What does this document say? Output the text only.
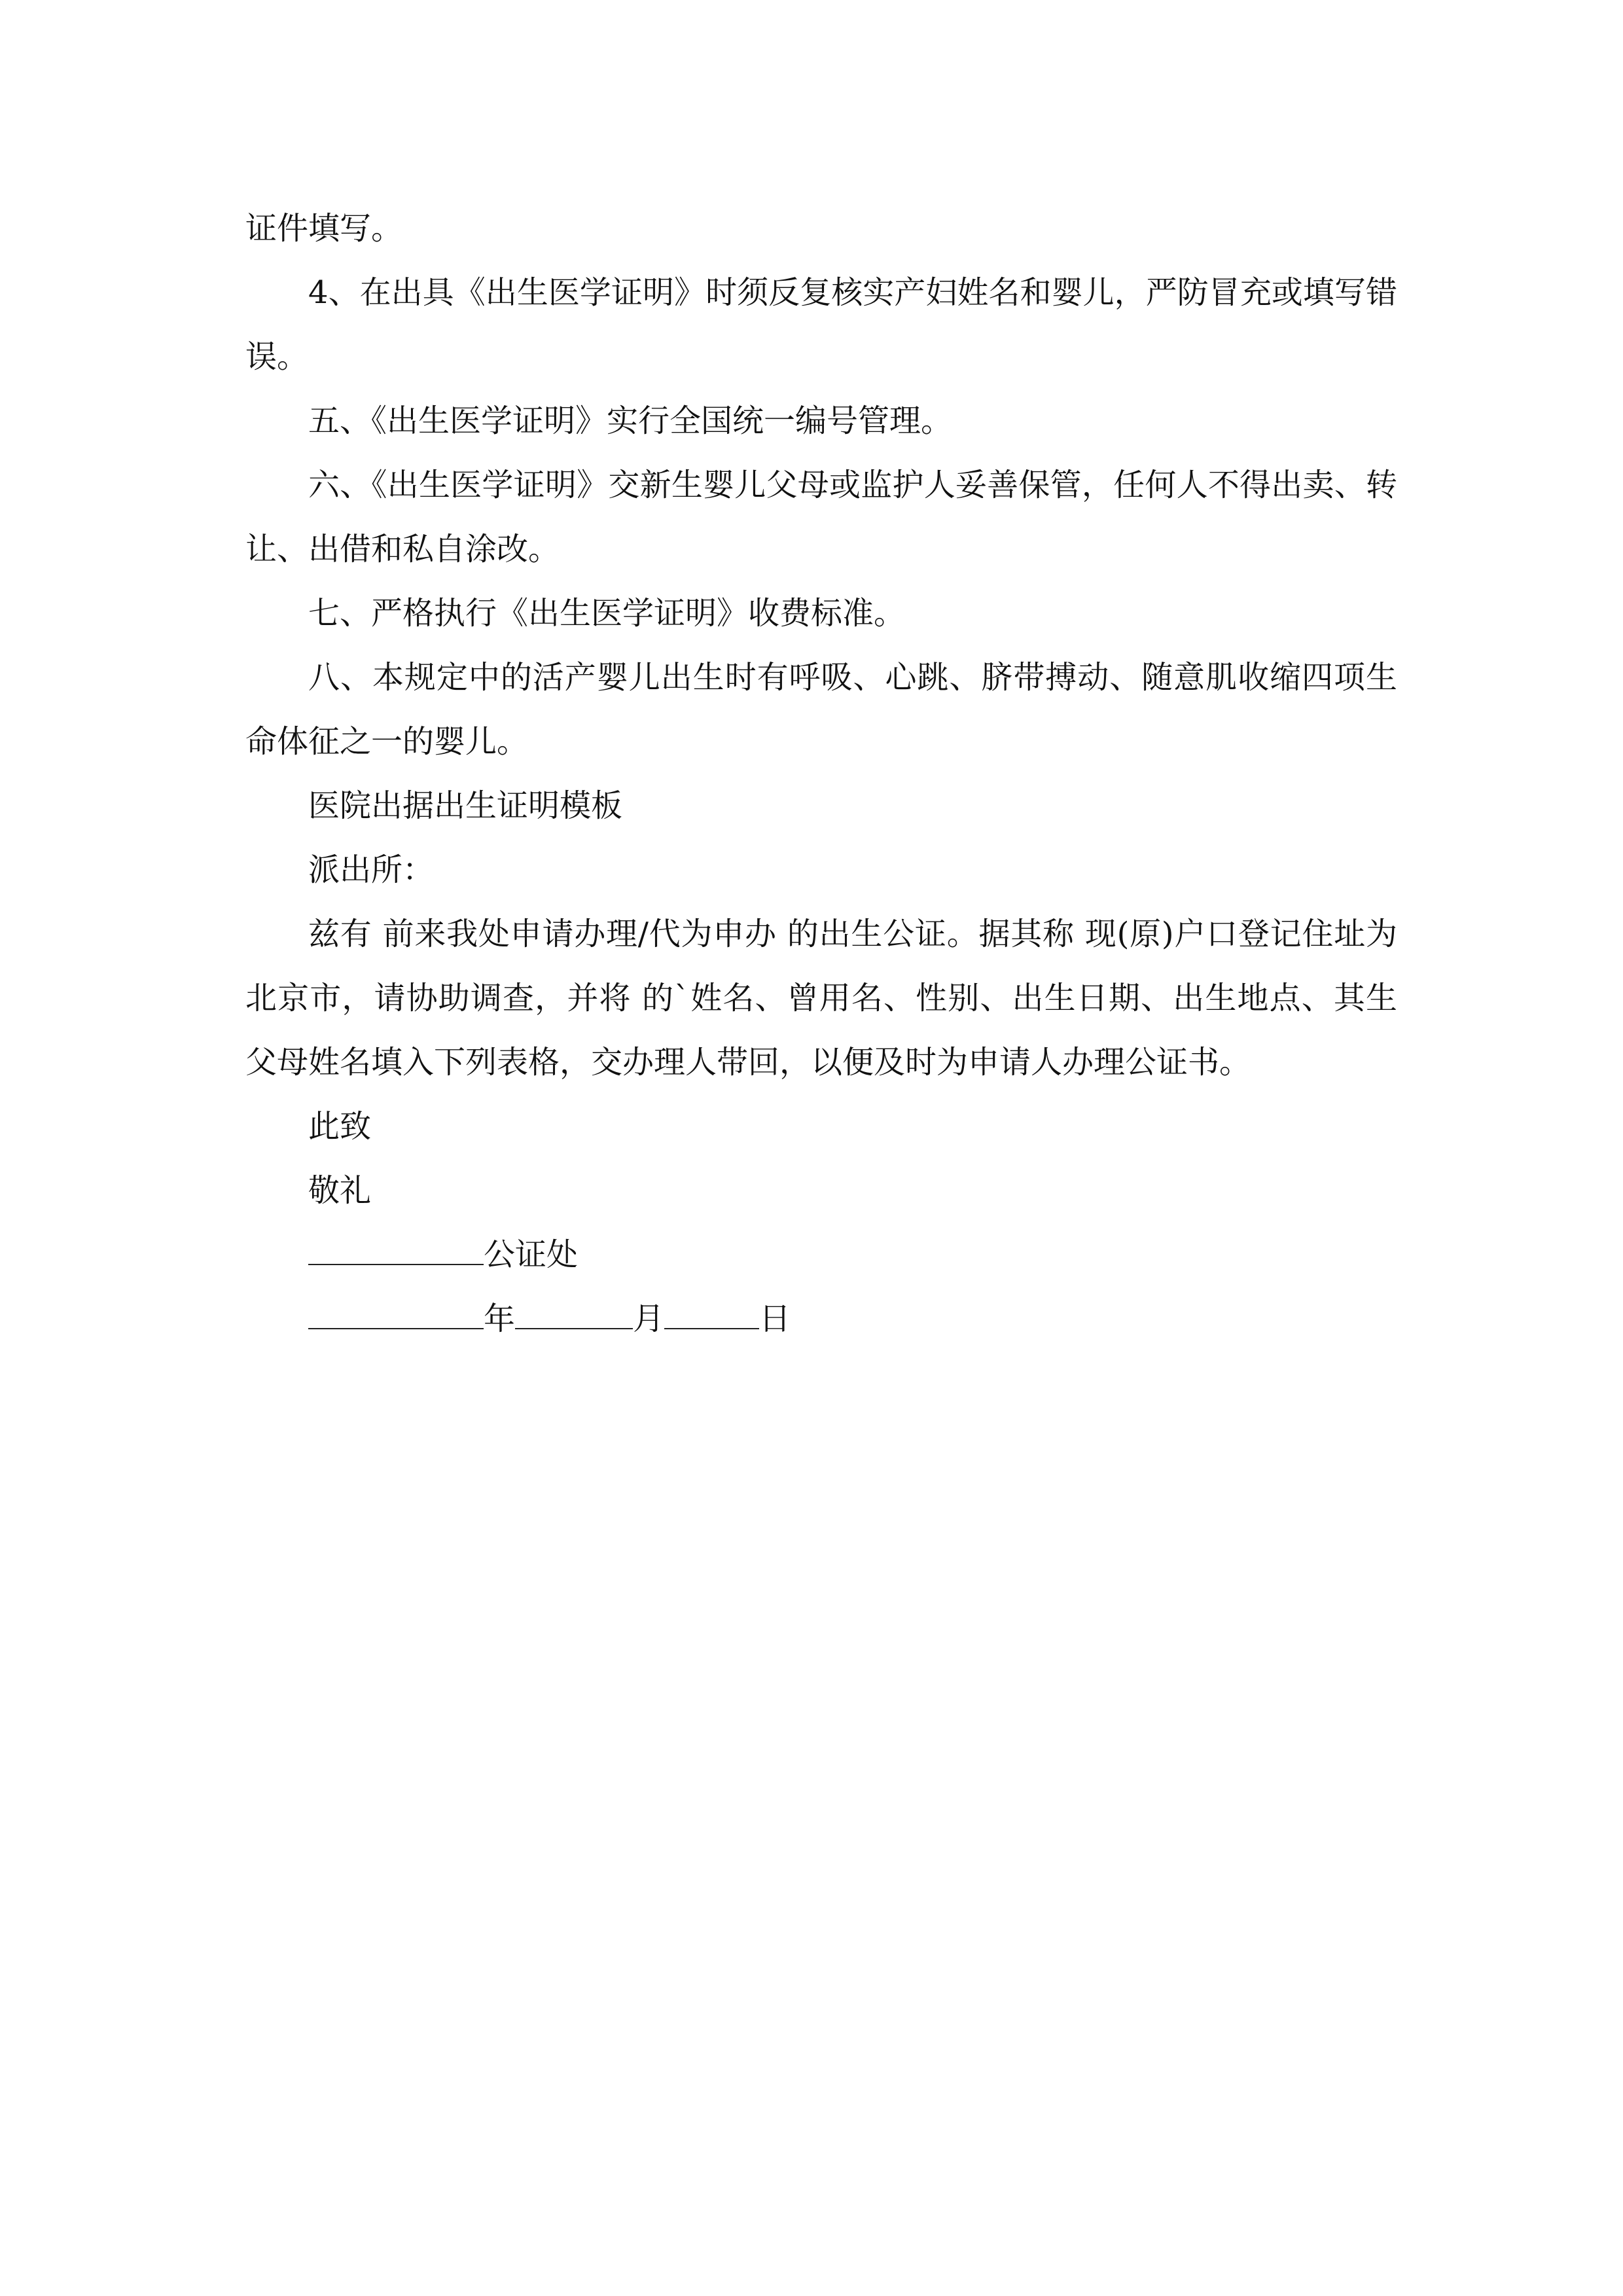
证件填写。

4、在出具《出生医学证明》时须反复核实产妇姓名和婴儿，严防冒充或填写错误。

五、《出生医学证明》实行全国统一编号管理。

六、《出生医学证明》交新生婴儿父母或监护人妥善保管，任何人不得出卖、转让、出借和私自涂改。

七、严格执行《出生医学证明》收费标准。

八、本规定中的活产婴儿出生时有呼吸、心跳、脐带搏动、随意肌收缩四项生命体征之一的婴儿。

医院出据出生证明模板

派出所：

兹有 前来我处申请办理/代为申办 的出生公证。据其称 现(原)户口登记住址为北京市，请协助调查，并将 的`姓名、曾用名、性别、出生日期、出生地点、其生父母姓名填入下列表格，交办理人带回，以便及时为申请人办理公证书。

此致

敬礼

公证处

年	月	日
